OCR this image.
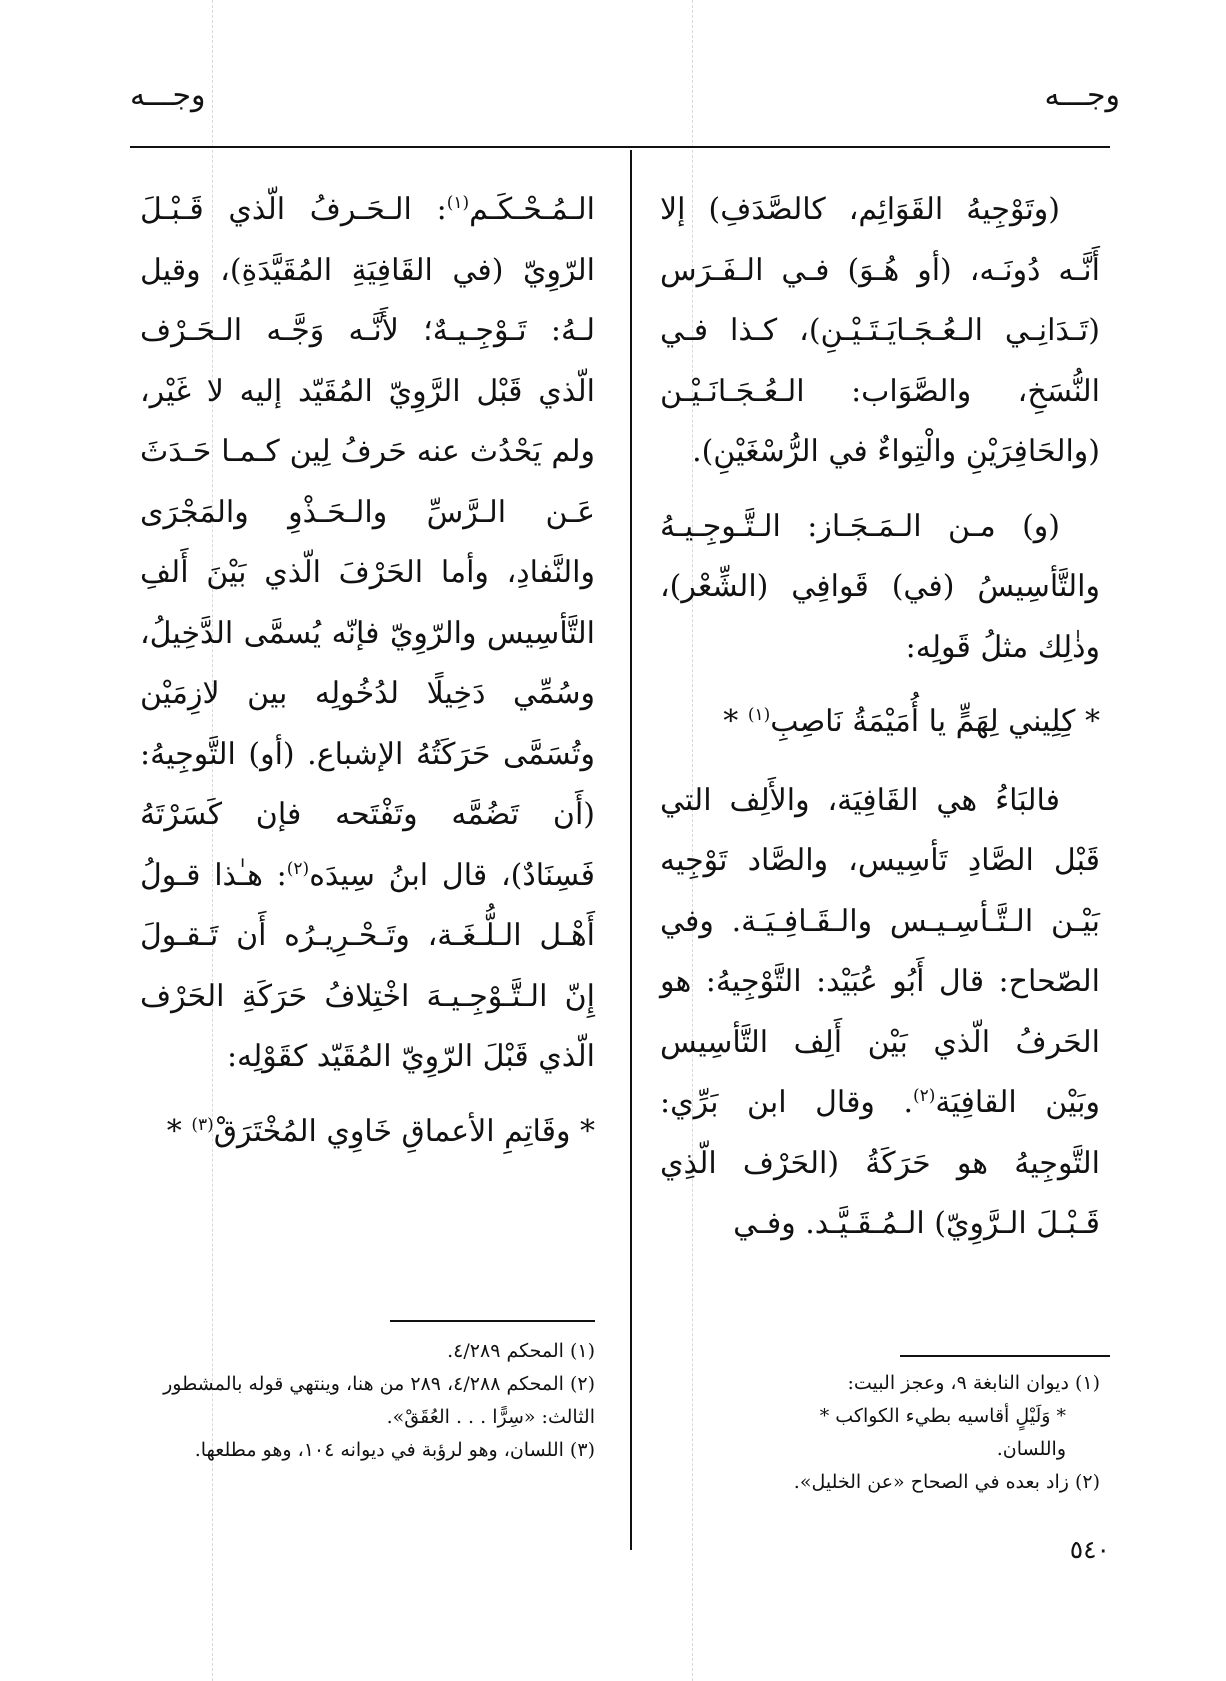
وجـــه
وجـــه

(وتَوْجِيهُ القَوَائِم، كالصَّدَفِ) إلا أَنَّـه دُونَـه، (أو هُـوَ) فـي الـفَـرَس (تَـدَانِـي الـعُـجَـايَـتَـيْـنِ)، كـذا فـي النُّسَخِ، والصَّوَاب: الـعُـجَـانَـيْـن (والحَافِرَيْنِ والْتِواءٌ في الرُّسْغَيْنِ).

(و) مـن الـمَـجَـاز: الـتَّـوجِـيـهُ والتَّأسِيسُ (في) قَوافِي (الشِّعْر)، وذٰلِك مثلُ قَولِه:

* كِلِيني لِهَمٍّ يا أُمَيْمَةُ نَاصِبِ$^{(١)}$ *

فالبَاءُ هي القَافِيَة، والأَلِف التي قَبْل الصَّادِ تَأسِيس، والصَّاد تَوْجِيه بَيْـن الـتَّـأسِـيـس والـقَـافِـيَـة. وفي الصّحاح: قال أَبُو عُبَيْد: التَّوْجِيهُ: هو الحَرفُ الّذي بَيْن أَلِف التَّأسِيس وبَيْن القافِيَة$^{(٢)}$. وقال ابن بَرِّي: التَّوجِيهُ هو حَرَكَةُ (الحَرْف الّذِي قَـبْـلَ الـرَّوِيّ) الـمُـقَـيَّـد. وفـي

الـمُـحْـكَـم$^{(١)}$: الـحَـرفُ الّذي قَـبْـلَ الرّوِيّ (في القَافِيَةِ المُقَيَّدَةِ)، وقيل لـهُ: تَـوْجِـيـهٌ؛ لأَنَّـه وَجَّـه الـحَـرْف الّذي قَبْل الرَّوِيّ المُقَيّد إليه لا غَيْر، ولم يَحْدُث عنه حَرفُ لِين كـمـا حَـدَثَ عَـن الـرَّسِّ والـحَـذْوِ والمَجْرَى والنَّفادِ، وأما الحَرْفَ الّذي بَيْنَ أَلفِ التَّأسِيس والرّوِيّ فإنّه يُسمَّى الدَّخِيلُ، وسُمِّي دَخِيلًا لدُخُولِه بين لازِمَيْن وتُسَمَّى حَرَكَتُهُ الإشباع. (أو) التَّوجِيهُ: (أَن تَضُمَّه وتَفْتَحه فإن كَسَرْتَهُ فَسِنَادٌ)، قال ابنُ سِيدَه$^{(٢)}$: هـٰذا قـولُ أَهْـل الـلُّـغَـة، وتَـحْـرِيـرُه أَن تَـقـولَ إِنّ الـتَّـوْجِـيـهَ اخْتِلافُ حَرَكَةِ الحَرْف الّذي قَبْلَ الرّوِيّ المُقَيّد كقَوْلِه:

* وقَاتِمِ الأعماقِ خَاوِي المُخْتَرَقْ$^{(٣)}$ *

(١) ديوان النابغة ٩، وعجز البيت:
* وَلَيْلٍ أقاسيه بطيء الكواكب *
واللسان.
(٢) زاد بعده في الصحاح «عن الخليل».
(١) المحكم ٤/٢٨٩.
(٢) المحكم ٤/٢٨٨، ٢٨٩ من هنا، وينتهي قوله بالمشطور الثالث: «سِرًّا . . . العُقَقْ».
(٣) اللسان، وهو لرؤبة في ديوانه ١٠٤، وهو مطلعها.
٥٤٠
